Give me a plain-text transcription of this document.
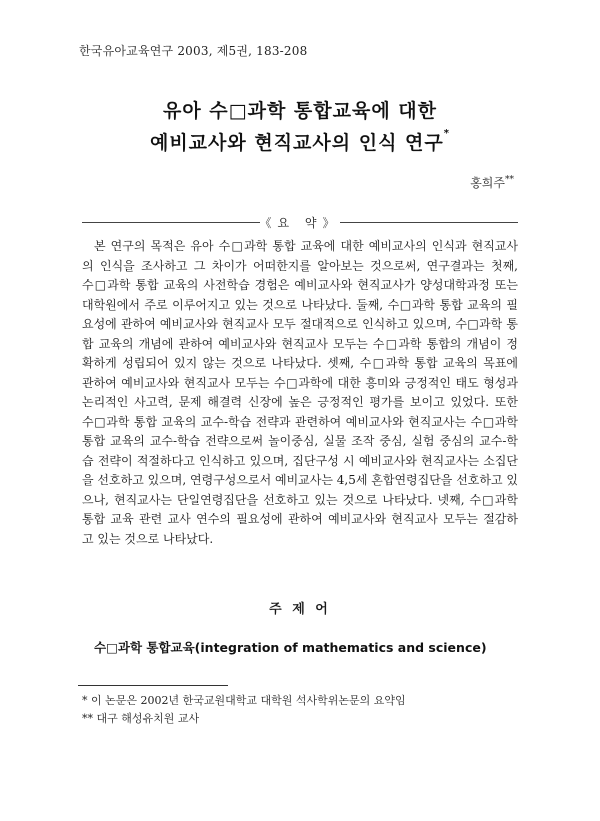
한국유아교육연구 2003, 제5권, 183-208
유아 수□과학 통합교육에 대한
예비교사와 현직교사의 인식 연구*
홍희주**
《요 약》
본 연구의 목적은 유아 수□과학 통합 교육에 대한 예비교사의 인식과 현직교사
의 인식을 조사하고 그 차이가 어떠한지를 알아보는 것으로써, 연구결과는 첫째,
수□과학 통합 교육의 사전학습 경험은 예비교사와 현직교사가 양성대학과정 또는
대학원에서 주로 이루어지고 있는 것으로 나타났다. 둘째, 수□과학 통합 교육의 필
요성에 관하여 예비교사와 현직교사 모두 절대적으로 인식하고 있으며, 수□과학 통
합 교육의 개념에 관하여 예비교사와 현직교사 모두는 수□과학 통합의 개념이 정
확하게 성립되어 있지 않는 것으로 나타났다. 셋째, 수□과학 통합 교육의 목표에
관하여 예비교사와 현직교사 모두는 수□과학에 대한 흥미와 긍정적인 태도 형성과
논리적인 사고력, 문제 해결력 신장에 높은 긍정적인 평가를 보이고 있었다. 또한
수□과학 통합 교육의 교수-학습 전략과 관련하여 예비교사와 현직교사는 수□과학
통합 교육의 교수-학습 전략으로써 놀이중심, 실물 조작 중심, 실험 중심의 교수-학
습 전략이 적절하다고 인식하고 있으며, 집단구성 시 예비교사와 현직교사는 소집단
을 선호하고 있으며, 연령구성으로서 예비교사는 4,5세 혼합연령집단을 선호하고 있
으나, 현직교사는 단일연령집단을 선호하고 있는 것으로 나타났다. 넷째, 수□과학
통합 교육 관련 교사 연수의 필요성에 관하여 예비교사와 현직교사 모두는 절감하
고 있는 것으로 나타났다.
주 제 어
수□과학 통합교육(integration of mathematics and science)
* 이 논문은 2002년 한국교원대학교 대학원 석사학위논문의 요약임
** 대구 해성유치원 교사
